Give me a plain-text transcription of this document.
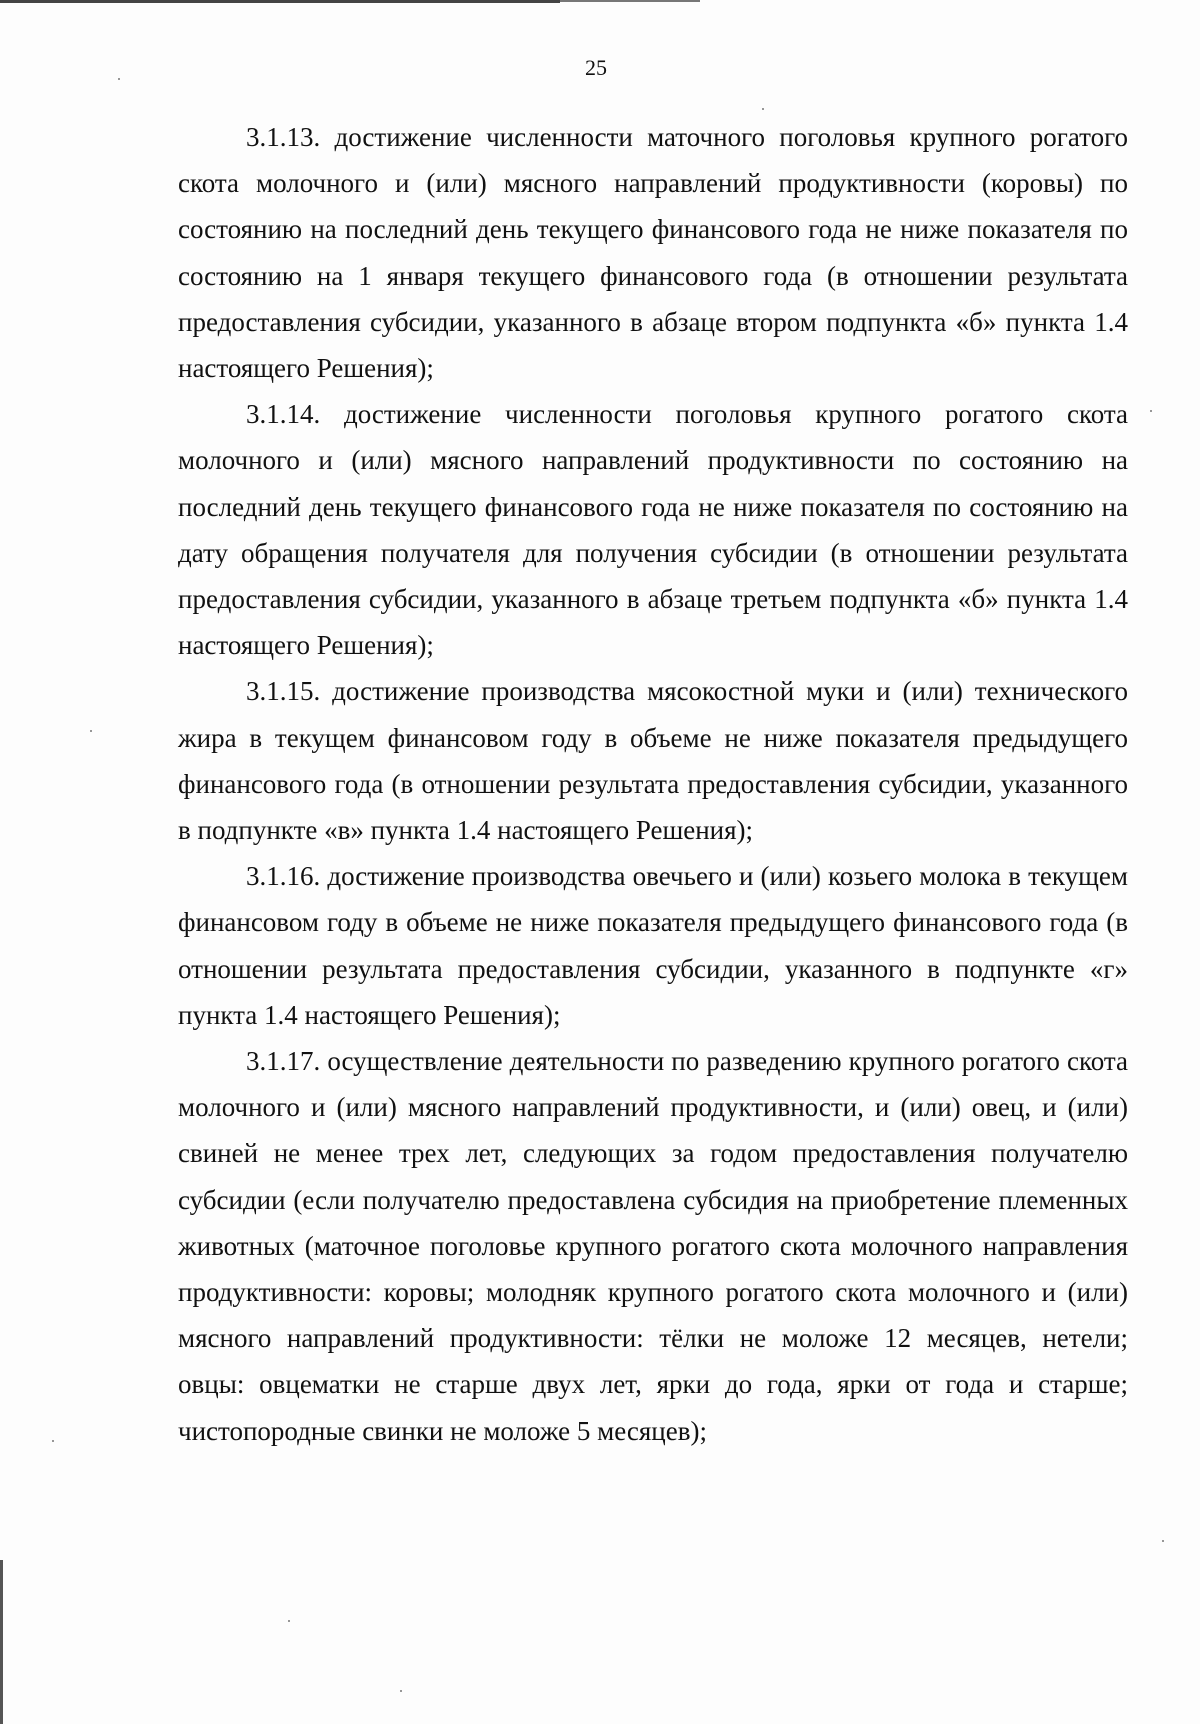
25

3.1.13. достижение численности маточного поголовья крупного рогатого скота молочного и (или) мясного направлений продуктивности (коровы) по состоянию на последний день текущего финансового года не ниже показателя по состоянию на 1 января текущего финансового года (в отношении результата предоставления субсидии, указанного в абзаце втором подпункта «б» пункта 1.4 настоящего Решения);

3.1.14. достижение численности поголовья крупного рогатого скота молочного и (или) мясного направлений продуктивности по состоянию на последний день текущего финансового года не ниже показателя по состоянию на дату обращения получателя для получения субсидии (в отношении результата предоставления субсидии, указанного в абзаце третьем подпункта «б» пункта 1.4 настоящего Решения);

3.1.15. достижение производства мясокостной муки и (или) технического жира в текущем финансовом году в объеме не ниже показателя предыдущего финансового года (в отношении результата предоставления субсидии, указанного в подпункте «в» пункта 1.4 настоящего Решения);

3.1.16. достижение производства овечьего и (или) козьего молока в текущем финансовом году в объеме не ниже показателя предыдущего финансового года (в отношении результата предоставления субсидии, указанного в подпункте «г» пункта 1.4 настоящего Решения);

3.1.17. осуществление деятельности по разведению крупного рогатого скота молочного и (или) мясного направлений продуктивности, и (или) овец, и (или) свиней не менее трех лет, следующих за годом предоставления получателю субсидии (если получателю предоставлена субсидия на приобретение племенных животных (маточное поголовье крупного рогатого скота молочного направления продуктивности: коровы; молодняк крупного рогатого скота молочного и (или) мясного направлений продуктивности: тёлки не моложе 12 месяцев, нетели; овцы: овцематки не старше двух лет, ярки до года, ярки от года и старше; чистопородные свинки не моложе 5 месяцев);
